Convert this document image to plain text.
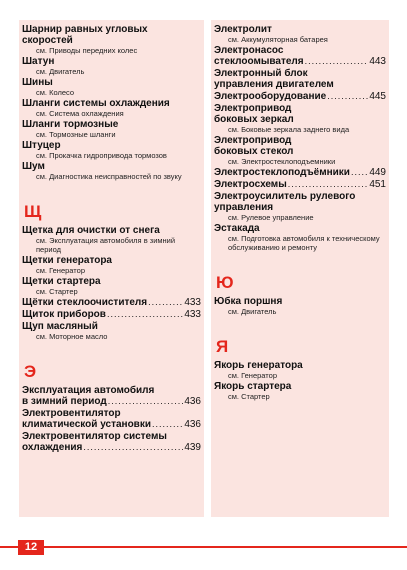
Шарнир равных угловых скоростей
см. Приводы передних колес
Шатун
см. Двигатель
Шины
см. Колесо
Шланги системы охлаждения
см. Система охлаждения
Шланги тормозные
см. Тормозные шланги
Штуцер
см. Прокачка гидропривода тормозов
Шум
см. Диагностика неисправностей по звуку
Щ
Щетка для очистки от снега
см. Эксплуатация автомобиля в зимний период
Щетки генератора
см. Генератор
Щетки стартера
см. Стартер
Щётки стеклоочистителя .....	433
Щиток приборов .....	433
Щуп масляный
см. Моторное масло
Э
Эксплуатация автомобиля
в зимний период .....	436
Электровентилятор
климатической установки .....	436
Электровентилятор системы
охлаждения .....	439
Электролит
см. Аккумуляторная батарея
Электронасос
стеклоомывателя .....	443
Электронный блок
управления двигателем
Электрооборудование .....	445
Электропривод
боковых зеркал
см. Боковые зеркала заднего вида
Электропривод
боковых стекол
см. Электростеклоподъемники
Электростеклоподъёмники ..... 449
Электросхемы .....	451
Электроусилитель рулевого
управления
см. Рулевое управление
Эстакада
см. Подготовка автомобиля к техническому обслуживанию и ремонту
Ю
Юбка поршня
см. Двигатель
Я
Якорь генератора
см. Генератор
Якорь стартера
см. Стартер
12
